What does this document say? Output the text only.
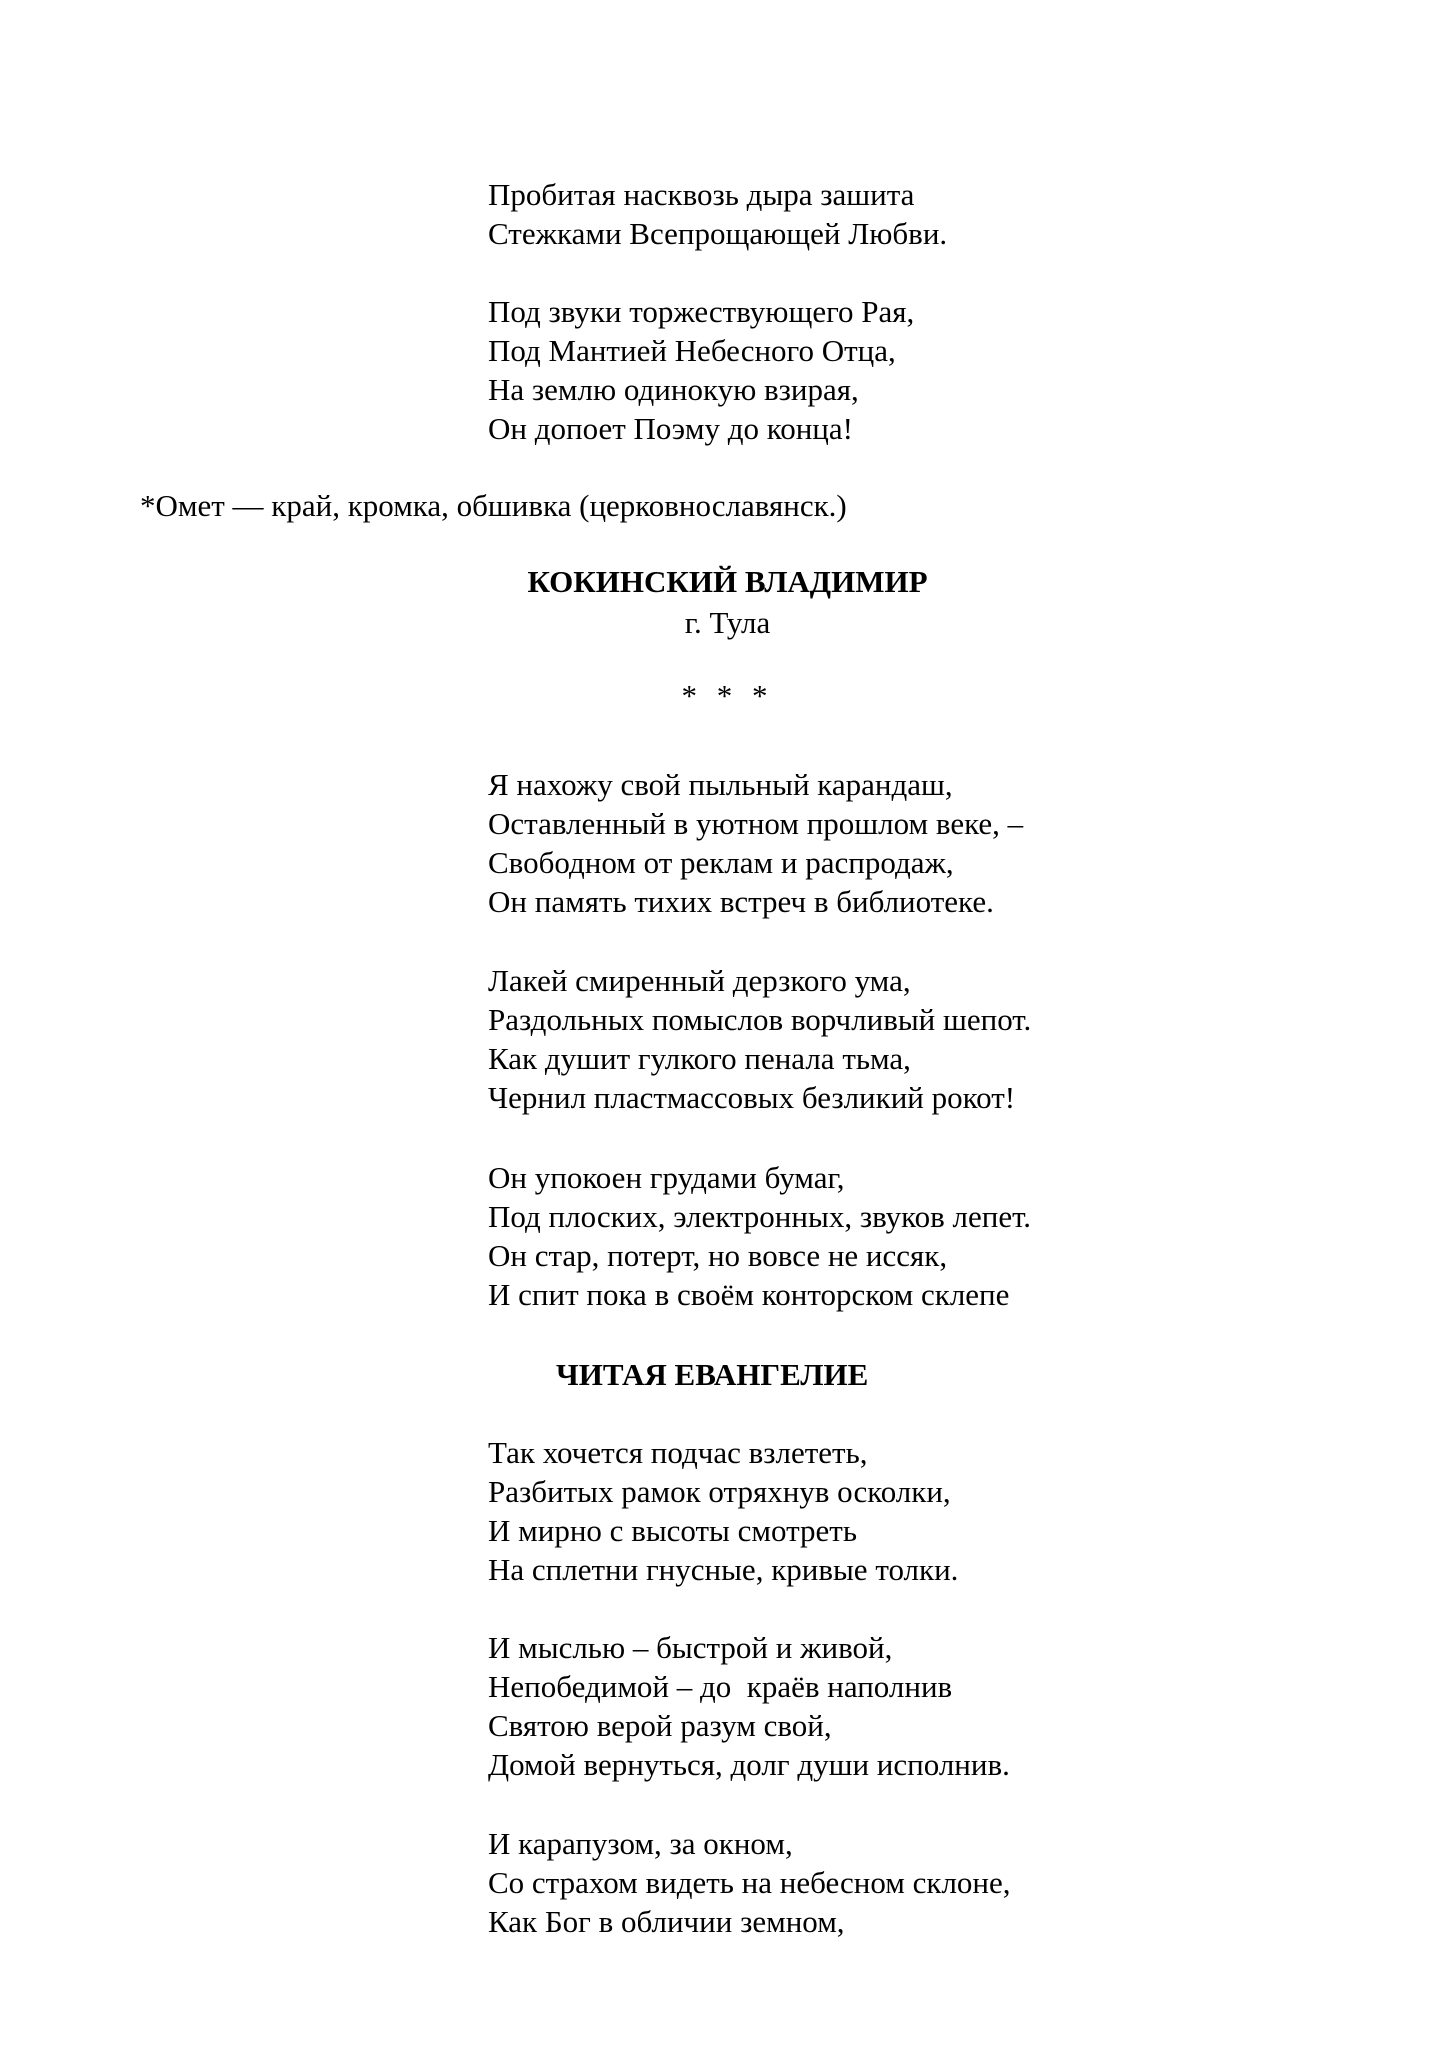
Пробитая насквозь дыра зашита
Стежками Всепрощающей Любви.
Под звуки торжествующего Рая,
Под Мантией Небесного Отца,
На землю одинокую взирая,
Он допоет Поэму до конца!
*Омет — край, кромка, обшивка (церковнославянск.)
КОКИНСКИЙ ВЛАДИМИР
г. Тула
* * *
Я нахожу свой пыльный карандаш,
Оставленный в уютном прошлом веке, –
Свободном от реклам и распродаж,
Он память тихих встреч в библиотеке.
Лакей смиренный дерзкого ума,
Раздольных помыслов ворчливый шепот.
Как душит гулкого пенала тьма,
Чернил пластмассовых безликий рокот!
Он упокоен грудами бумаг,
Под плоских, электронных, звуков лепет.
Он стар, потерт, но вовсе не иссяк,
И спит пока в своём конторском склепе
ЧИТАЯ ЕВАНГЕЛИЕ
Так хочется подчас взлететь,
Разбитых рамок отряхнув осколки,
И мирно с высоты смотреть
На сплетни гнусные, кривые толки.
И мыслью – быстрой и живой,
Непобедимой – до  краёв наполнив
Святою верой разум свой,
Домой вернуться, долг души исполнив.
И карапузом, за окном,
Со страхом видеть на небесном склоне,
Как Бог в обличии земном,
